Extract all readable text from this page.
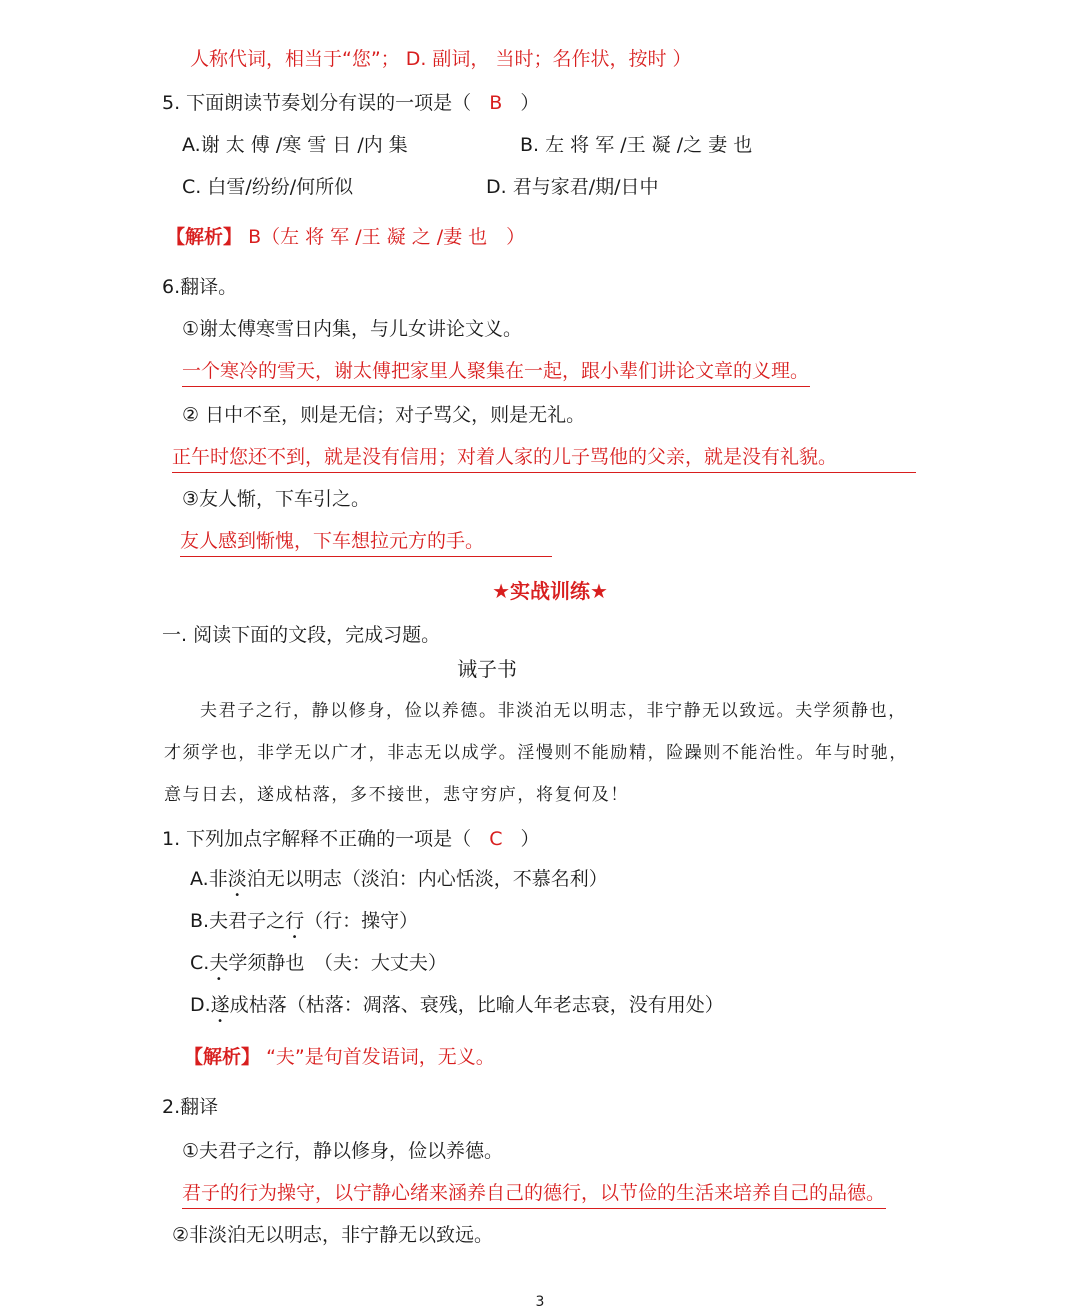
人称代词，相当于“您”； D. 副词， 当时；名作状，按时 ）
5. 下面朗读节奏划分有误的一项是（ B ）
A.谢 太 傅 /寒 雪 日 /内 集	B. 左 将 军 /王 凝 /之 妻 也
C. 白雪/纷纷/何所似	D. 君与家君/期/日中
【解析】 B（左 将 军 /王 凝 之 /妻 也　）
6.翻译。
①谢太傅寒雪日内集，与儿女讲论文义。
一个寒冷的雪天，谢太傅把家里人聚集在一起，跟小辈们讲论文章的义理。
② 日中不至，则是无信；对子骂父，则是无礼。
正午时您还不到，就是没有信用；对着人家的儿子骂他的父亲，就是没有礼貌。
③友人惭，下车引之。
友人感到惭愧，下车想拉元方的手。
★实战训练★
一. 阅读下面的文段，完成习题。
诫子书
夫君子之行，静以修身，俭以养德。非淡泊无以明志，非宁静无以致远。夫学须静也，
才须学也，非学无以广才，非志无以成学。淫慢则不能励精，险躁则不能治性。年与时驰，
意与日去，遂成枯落，多不接世，悲守穷庐，将复何及！
1. 下列加点字解释不正确的一项是（ C ）
A.非淡泊无以明志（淡泊：内心恬淡，不慕名利）
B.夫君子之行（行：操守）
C.夫学须静也　（夫：大丈夫）
D.遂成枯落（枯落：凋落、衰残，比喻人年老志衰，没有用处）
【解析】 “夫”是句首发语词，无义。
2.翻译
①夫君子之行，静以修身，俭以养德。
君子的行为操守，以宁静心绪来涵养自己的德行，以节俭的生活来培养自己的品德。
②非淡泊无以明志，非宁静无以致远。
3
